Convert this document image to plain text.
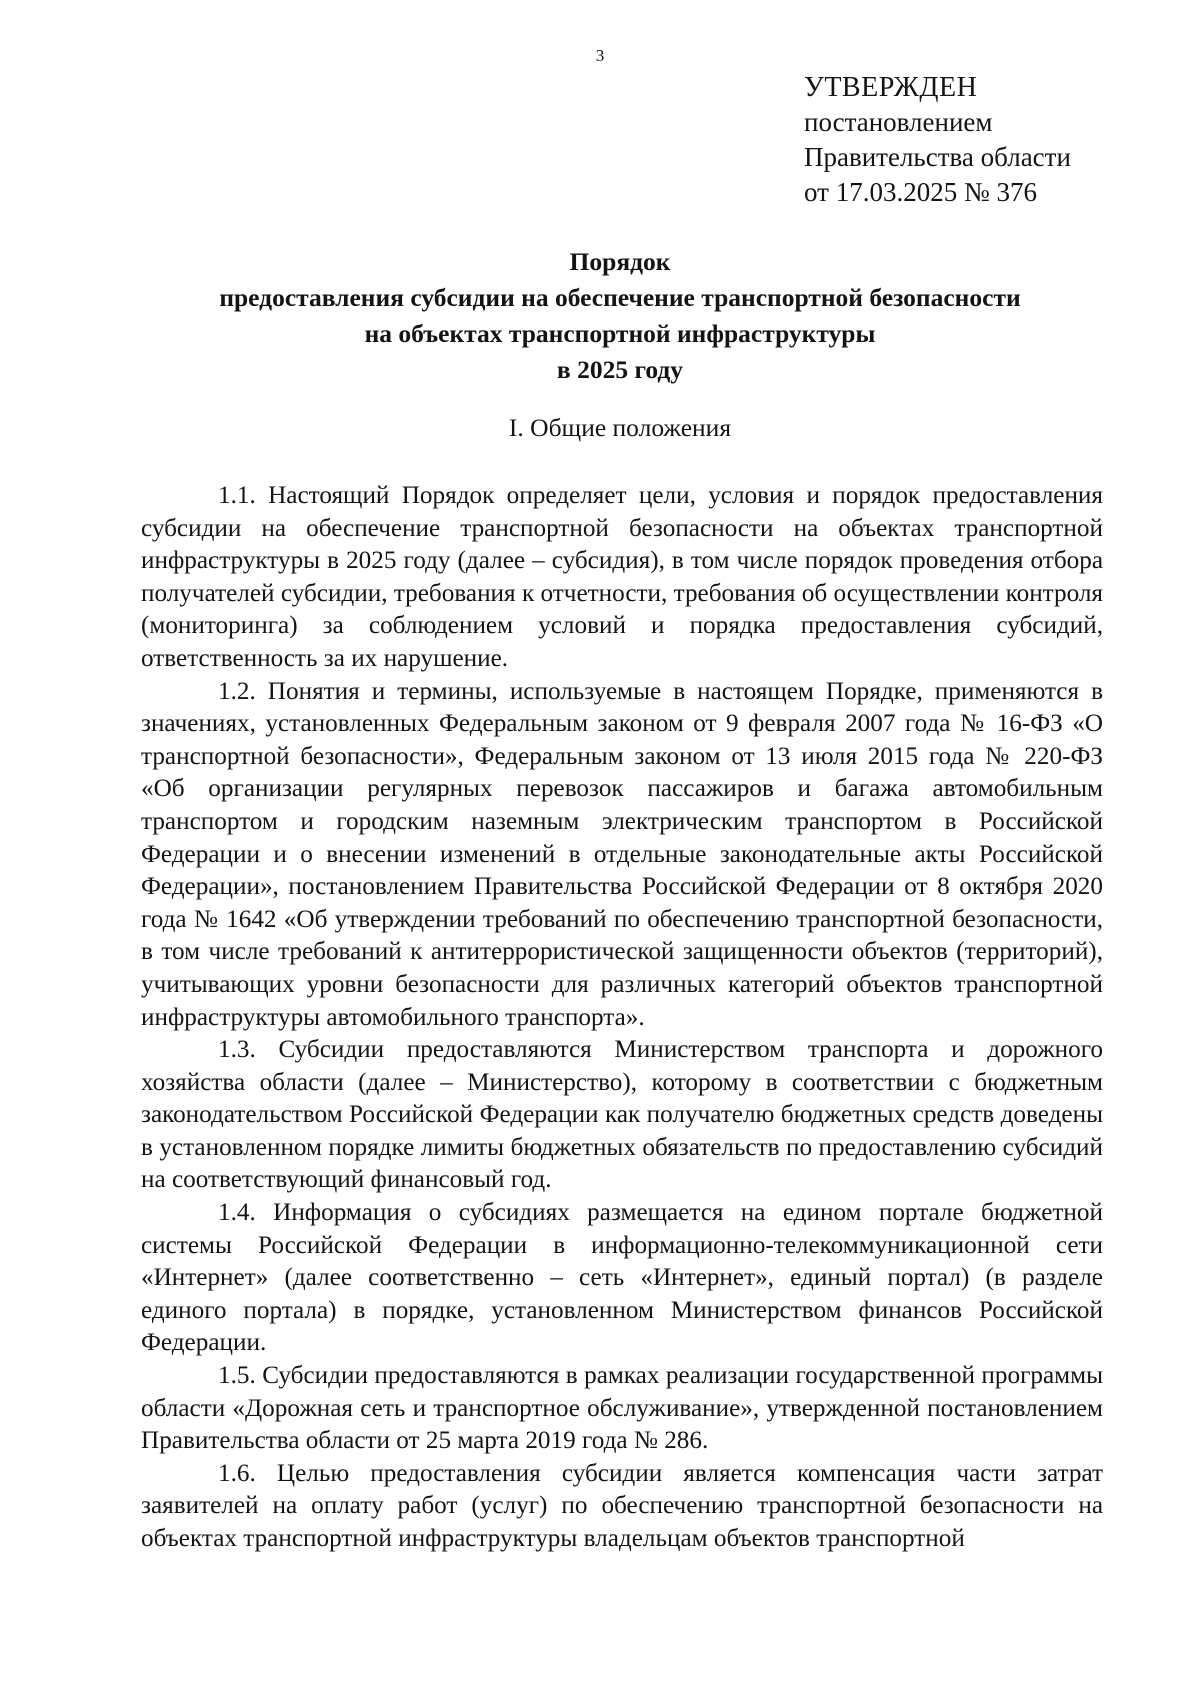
3
УТВЕРЖДЕН
постановлением
Правительства области
от 17.03.2025 № 376
Порядок
предоставления субсидии на обеспечение транспортной безопасности
на объектах транспортной инфраструктуры
в 2025 году
I. Общие положения

1.1. Настоящий Порядок определяет цели, условия и порядок предоставления субсидии на обеспечение транспортной безопасности на объектах транспортной инфраструктуры в 2025 году (далее – субсидия), в том числе порядок проведения отбора получателей субсидии, требования к отчетности, требования об осуществлении контроля (мониторинга) за соблюдением условий и порядка предоставления субсидий, ответственность за их нарушение.

1.2. Понятия и термины, используемые в настоящем Порядке, применяются в значениях, установленных Федеральным законом от 9 февраля 2007 года № 16-ФЗ «О транспортной безопасности», Федеральным законом от 13 июля 2015 года № 220-ФЗ «Об организации регулярных перевозок пассажиров и багажа автомобильным транспортом и городским наземным электрическим транспортом в Российской Федерации и о внесении изменений в отдельные законодательные акты Российской Федерации», постановлением Правительства Российской Федерации от 8 октября 2020 года № 1642 «Об утверждении требований по обеспечению транспортной безопасности, в том числе требований к антитеррористической защищенности объектов (территорий), учитывающих уровни безопасности для различных категорий объектов транспортной инфраструктуры автомобильного транспорта».

1.3. Субсидии предоставляются Министерством транспорта и дорожного хозяйства области (далее – Министерство), которому в соответствии с бюджетным законодательством Российской Федерации как получателю бюджетных средств доведены в установленном порядке лимиты бюджетных обязательств по предоставлению субсидий на соответствующий финансовый год.

1.4. Информация о субсидиях размещается на едином портале бюджетной системы Российской Федерации в информационно-телекоммуникационной сети «Интернет» (далее соответственно – сеть «Интернет», единый портал) (в разделе единого портала) в порядке, установленном Министерством финансов Российской Федерации.

1.5. Субсидии предоставляются в рамках реализации государственной программы области «Дорожная сеть и транспортное обслуживание», утвержденной постановлением Правительства области от 25 марта 2019 года № 286.

1.6. Целью предоставления субсидии является компенсация части затрат заявителей на оплату работ (услуг) по обеспечению транспортной безопасности на объектах транспортной инфраструктуры владельцам объектов транспортной
